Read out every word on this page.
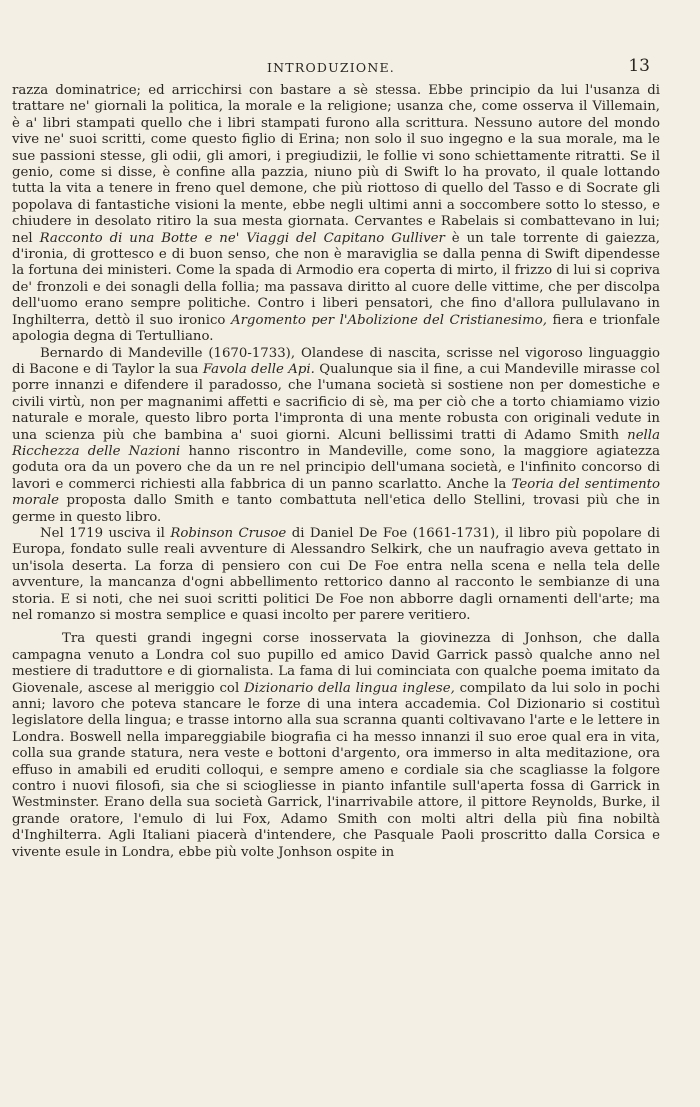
INTRODUZIONE.	13

razza dominatrice; ed arricchirsi con bastare a sè stessa. Ebbe principio da lui l'usanza di trattare ne' giornali la politica, la morale e la religione; usanza che, come osserva il Villemain, è a' libri stampati quello che i libri stampati furono alla scrittura. Nessuno autore del mondo vive ne' suoi scritti, come questo figlio di Erina; non solo il suo ingegno e la sua morale, ma le sue passioni stesse, gli odii, gli amori, i pregiudizii, le follie vi sono schiettamente ritratti. Se il genio, come si disse, è confine alla pazzia, niuno più di Swift lo ha provato, il quale lottando tutta la vita a tenere in freno quel demone, che più riottoso di quello del Tasso e di Socrate gli popolava di fantastiche visioni la mente, ebbe negli ultimi anni a soccombere sotto lo stesso, e chiudere in desolato ritiro la sua mesta giornata. Cervantes e Rabelais si combattevano in lui; nel Racconto di una Botte e ne' Viaggi del Capitano Gulliver è un tale torrente di gaiezza, d'ironia, di grottesco e di buon senso, che non è maraviglia se dalla penna di Swift dipendesse la fortuna dei ministeri. Come la spada di Armodio era coperta di mirto, il frizzo di lui si copriva de' fronzoli e dei sonagli della follia; ma passava diritto al cuore delle vittime, che per discolpa dell'uomo erano sempre politiche. Contro i liberi pensatori, che fino d'allora pullulavano in Inghilterra, dettò il suo ironico Argomento per l'Abolizione del Cristianesimo, fiera e trionfale apologia degna di Tertulliano.

Bernardo di Mandeville (1670-1733), Olandese di nascita, scrisse nel vigoroso linguaggio di Bacone e di Taylor la sua Favola delle Api. Qualunque sia il fine, a cui Mandeville mirasse col porre innanzi e difendere il paradosso, che l'umana società si sostiene non per domestiche e civili virtù, non per magnanimi affetti e sacrificio di sè, ma per ciò che a torto chiamiamo vizio naturale e morale, questo libro porta l'impronta di una mente robusta con originali vedute in una scienza più che bambina a' suoi giorni. Alcuni bellissimi tratti di Adamo Smith nella Ricchezza delle Nazioni hanno riscontro in Mandeville, come sono, la maggiore agiatezza goduta ora da un povero che da un re nel principio dell'umana società, e l'infinito concorso di lavori e commerci richiesti alla fabbrica di un panno scarlatto. Anche la Teoria del sentimento morale proposta dallo Smith e tanto combattuta nell'etica dello Stellini, trovasi più che in germe in questo libro.

Nel 1719 usciva il Robinson Crusoe di Daniel De Foe (1661-1731), il libro più popolare di Europa, fondato sulle reali avventure di Alessandro Selkirk, che un naufragio aveva gettato in un'isola deserta. La forza di pensiero con cui De Foe entra nella scena e nella tela delle avventure, la mancanza d'ogni abbellimento rettorico danno al racconto le sembianze di una storia. E si noti, che nei suoi scritti politici De Foe non abborre dagli ornamenti dell'arte; ma nel romanzo si mostra semplice e quasi incolto per parere veritiero.

Tra questi grandi ingegni corse inosservata la giovinezza di Jonhson, che dalla campagna venuto a Londra col suo pupillo ed amico David Garrick passò qualche anno nel mestiere di traduttore e di giornalista. La fama di lui cominciata con qualche poema imitato da Giovenale, ascese al meriggio col Dizionario della lingua inglese, compilato da lui solo in pochi anni; lavoro che poteva stancare le forze di una intera accademia. Col Dizionario si costituì legislatore della lingua; e trasse intorno alla sua scranna quanti coltivavano l'arte e le lettere in Londra. Boswell nella impareggiabile biografia ci ha messo innanzi il suo eroe qual era in vita, colla sua grande statura, nera veste e bottoni d'argento, ora immerso in alta meditazione, ora effuso in amabili ed eruditi colloqui, e sempre ameno e cordiale sia che scagliasse la folgore contro i nuovi filosofi, sia che si sciogliesse in pianto infantile sull'aperta fossa di Garrick in Westminster. Erano della sua società Garrick, l'inarrivabile attore, il pittore Reynolds, Burke, il grande oratore, l'emulo di lui Fox, Adamo Smith con molti altri della più fina nobiltà d'Inghilterra. Agli Italiani piacerà d'intendere, che Pasquale Paoli proscritto dalla Corsica e vivente esule in Londra, ebbe più volte Jonhson ospite in
